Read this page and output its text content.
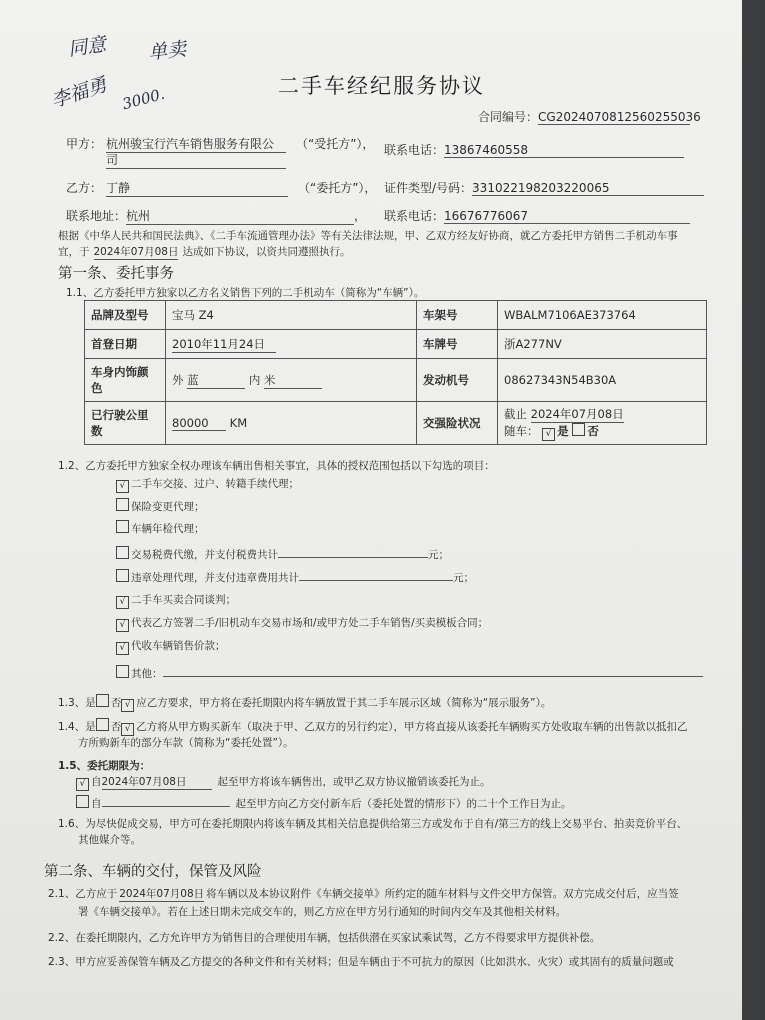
同意 单卖
李福勇 3000.	二手车经纪服务协议
合同编号：CG2024070812560255036
甲方： 杭州骏宝行汽车销售服务有限公
司
（“受托方”）， 联系电话：13867460558
乙方： 丁静	（“委托方”）， 证件类型/号码：331022198203220065
联系地址：杭州	， 联系电话：16676776067
根据《中华人民共和国民法典》、《二手车流通管理办法》等有关法律法规，甲、乙双方经友好协商，就乙方委托甲方销售二手机动车事
宜，于 2024年07月08日 达成如下协议，以资共同遵照执行。
第一条、委托事务
1.1、乙方委托甲方独家以乙方名义销售下列的二手机动车（简称为“车辆”）。
品牌及型号	宝马 Z4	车架号	WBALM7106AE373764
首登日期	2010年11月24日	车牌号	浙A277NV
车身内饰颜色	外 蓝 内 米	发动机号	08627343N54B30A
已行驶公里数	80000 KM	交强险状况	截止 2024年07月08日
随车： √ 是 否
1.2、乙方委托甲方独家全权办理该车辆出售相关事宜，具体的授权范围包括以下勾选的项目：
√ 二手车交接、过户、转籍手续代理；
保险变更代理；
车辆年检代理；
交易税费代缴，并支付税费共计	元；
违章处理代理，并支付违章费用共计	元；
√ 二手车买卖合同谈判；
√ 代表乙方签署二手/旧机动车交易市场和/或甲方处二手车销售/买卖模板合同；
√ 代收车辆销售价款；
其他：
1.3、是 否 √ 应乙方要求，甲方将在委托期限内将车辆放置于其二手车展示区域（简称为“展示服务”）。
1.4、是 否 √ 乙方将从甲方购买新车（取决于甲、乙双方的另行约定），甲方将直接从该委托车辆购买方处收取车辆的出售款以抵扣乙
方所购新车的部分车款（简称为“委托处置”）。
1.5、委托期限为：
√ 自2024年07月08日	起至甲方将该车辆售出，或甲乙双方协议撤销该委托为止。
自	起至甲方向乙方交付新车后（委托处置的情形下）的二十个工作日为止。
1.6、为尽快促成交易，甲方可在委托期限内将该车辆及其相关信息提供给第三方或发布于自有/第三方的线上交易平台、拍卖竞价平台、
其他媒介等。
第二条、车辆的交付，保管及风险
2.1、乙方应于 2024年07月08日 将车辆以及本协议附件《车辆交接单》所约定的随车材料与文件交甲方保管。双方完成交付后，应当签
署《车辆交接单》。若在上述日期未完成交车的，则乙方应在甲方另行通知的时间内交车及其他相关材料。
2.2、在委托期限内，乙方允许甲方为销售目的合理使用车辆，包括供潜在买家试乘试驾，乙方不得要求甲方提供补偿。
2.3、甲方应妥善保管车辆及乙方提交的各种文件和有关材料；但是车辆由于不可抗力的原因（比如洪水、火灾）或其固有的质量问题或
